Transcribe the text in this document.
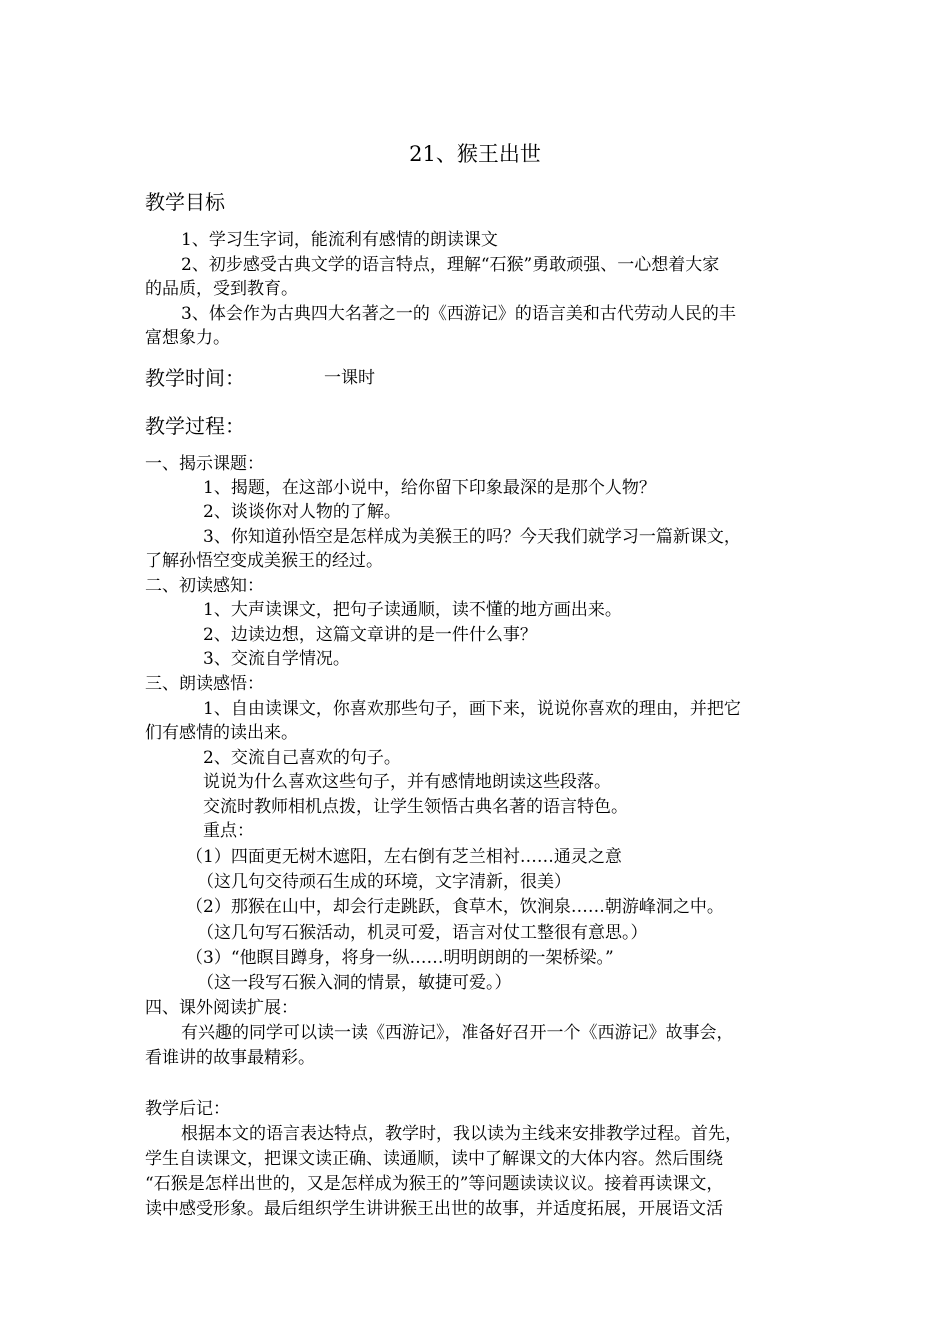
21、猴王出世
教学目标
1、学习生字词，能流利有感情的朗读课文
2、初步感受古典文学的语言特点，理解“石猴”勇敢顽强、一心想着大家
的品质，受到教育。
3、体会作为古典四大名著之一的《西游记》的语言美和古代劳动人民的丰
富想象力。
教学时间：	一课时
教学过程：
一、揭示课题：
1、揭题，在这部小说中，给你留下印象最深的是那个人物？
2、谈谈你对人物的了解。
3、你知道孙悟空是怎样成为美猴王的吗？今天我们就学习一篇新课文，
了解孙悟空变成美猴王的经过。
二、初读感知：
1、大声读课文，把句子读通顺，读不懂的地方画出来。
2、边读边想，这篇文章讲的是一件什么事？
3、交流自学情况。
三、朗读感悟：
1、自由读课文，你喜欢那些句子，画下来，说说你喜欢的理由，并把它
们有感情的读出来。
2、交流自己喜欢的句子。
说说为什么喜欢这些句子，并有感情地朗读这些段落。
交流时教师相机点拨，让学生领悟古典名著的语言特色。
重点：
（1）四面更无树木遮阳，左右倒有芝兰相衬……通灵之意
（这几句交待顽石生成的环境，文字清新，很美）
（2）那猴在山中，却会行走跳跃，食草木，饮涧泉……朝游峰洞之中。
（这几句写石猴活动，机灵可爱，语言对仗工整很有意思。）
（3）“他瞑目蹲身，将身一纵……明明朗朗的一架桥梁。”
（这一段写石猴入洞的情景，敏捷可爱。）
四、课外阅读扩展：
有兴趣的同学可以读一读《西游记》，准备好召开一个《西游记》故事会，
看谁讲的故事最精彩。
教学后记：
根据本文的语言表达特点，教学时，我以读为主线来安排教学过程。首先，
学生自读课文，把课文读正确、读通顺，读中了解课文的大体内容。然后围绕
“石猴是怎样出世的，又是怎样成为猴王的”等问题读读议议。接着再读课文，
读中感受形象。最后组织学生讲讲猴王出世的故事，并适度拓展，开展语文活
